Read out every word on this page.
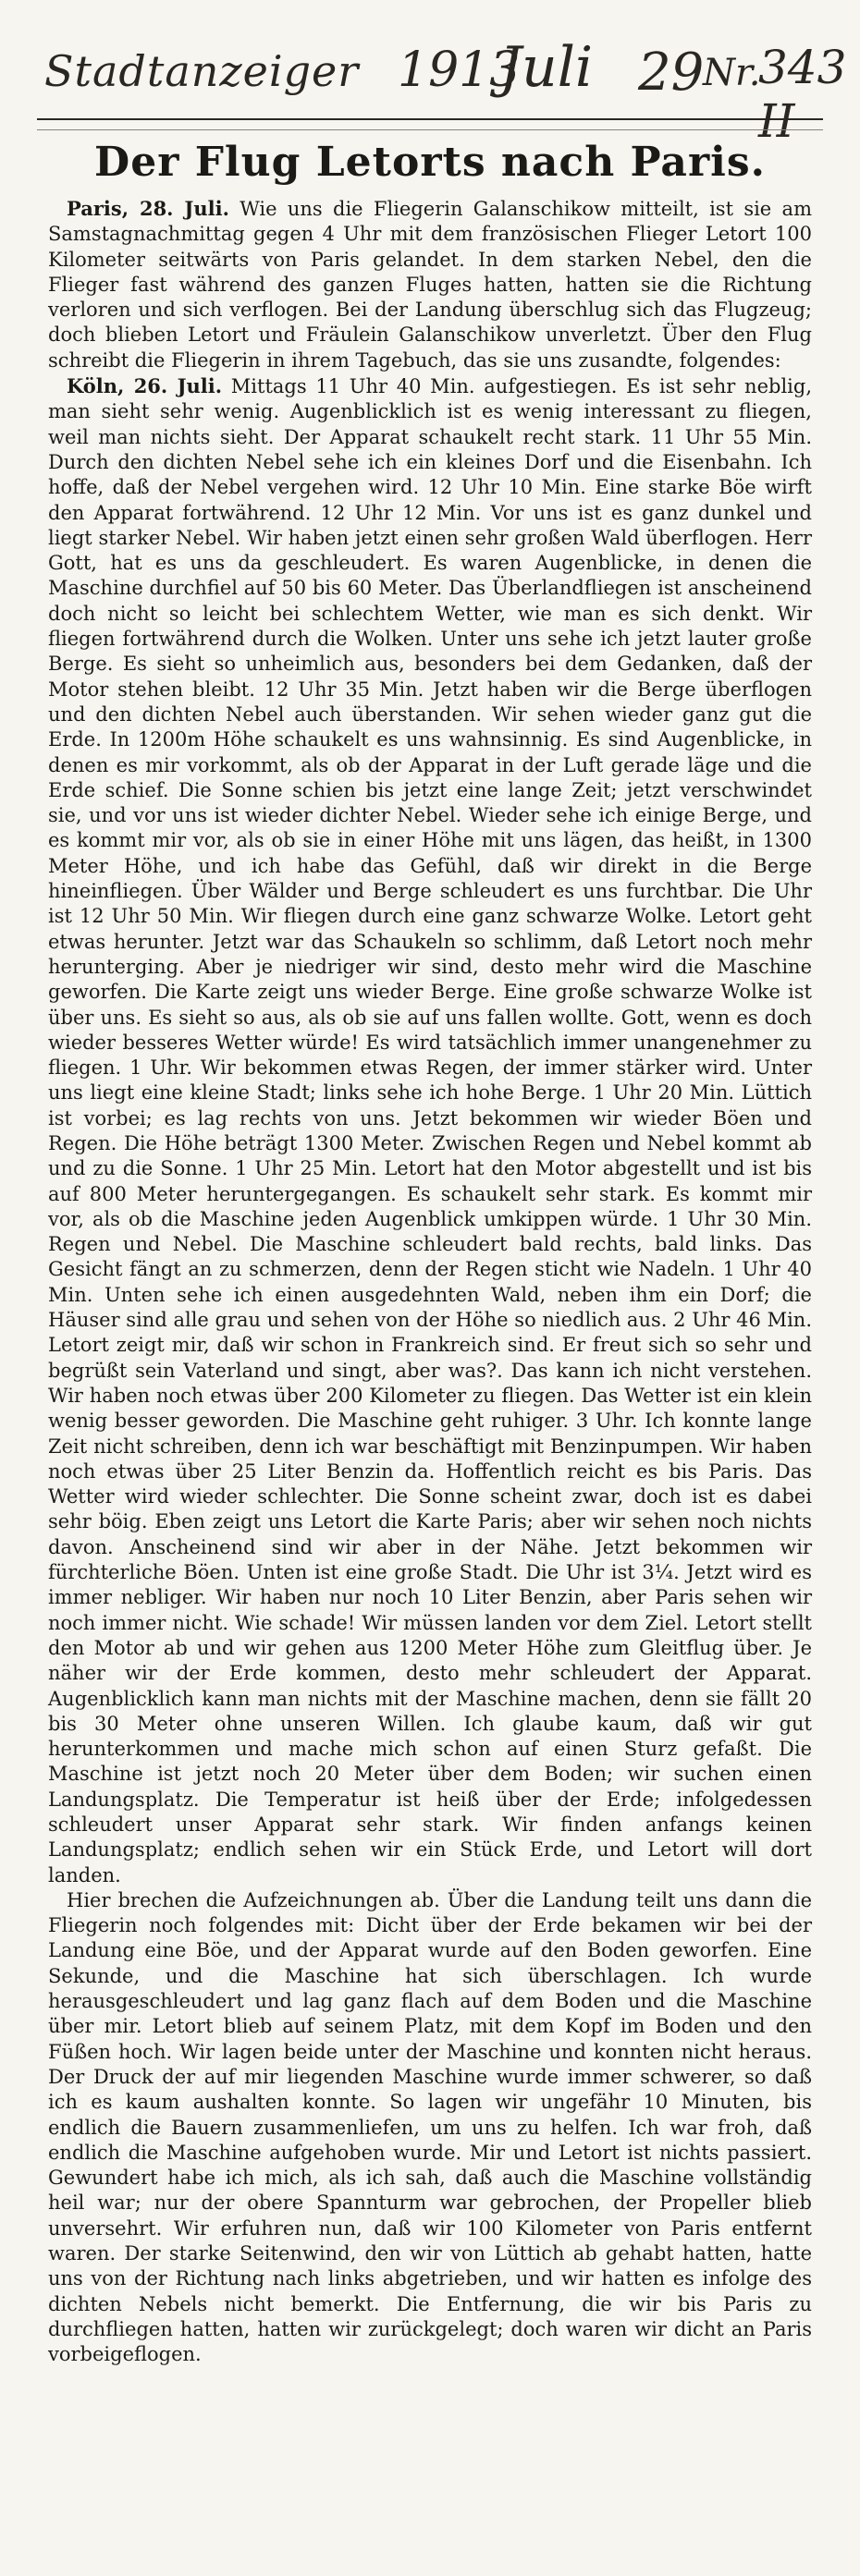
Stadtanzeiger 1913
Juli 29
Nr.
343 II
Der Flug Letorts nach Paris.

Paris, 28. Juli. Wie uns die Fliegerin Galanschikow mitteilt, ist sie am Samstagnachmittag gegen 4 Uhr mit dem französischen Flieger Letort 100 Kilometer seitwärts von Paris gelandet. In dem starken Nebel, den die Flieger fast während des ganzen Fluges hatten, hatten sie die Richtung verloren und sich verflogen. Bei der Landung überschlug sich das Flugzeug; doch blieben Letort und Fräulein Galanschikow unverletzt. Über den Flug schreibt die Fliegerin in ihrem Tagebuch, das sie uns zusandte, folgendes:

Köln, 26. Juli. Mittags 11 Uhr 40 Min. aufgestiegen. Es ist sehr neblig, man sieht sehr wenig. Augenblicklich ist es wenig interessant zu fliegen, weil man nichts sieht. Der Apparat schaukelt recht stark. 11 Uhr 55 Min. Durch den dichten Nebel sehe ich ein kleines Dorf und die Eisenbahn. Ich hoffe, daß der Nebel vergehen wird. 12 Uhr 10 Min. Eine starke Böe wirft den Apparat fortwährend. 12 Uhr 12 Min. Vor uns ist es ganz dunkel und liegt starker Nebel. Wir haben jetzt einen sehr großen Wald überflogen. Herr Gott, hat es uns da geschleudert. Es waren Augenblicke, in denen die Maschine durchfiel auf 50 bis 60 Meter. Das Überlandfliegen ist anscheinend doch nicht so leicht bei schlechtem Wetter, wie man es sich denkt. Wir fliegen fortwährend durch die Wolken. Unter uns sehe ich jetzt lauter große Berge. Es sieht so unheimlich aus, besonders bei dem Gedanken, daß der Motor stehen bleibt. 12 Uhr 35 Min. Jetzt haben wir die Berge überflogen und den dichten Nebel auch überstanden. Wir sehen wieder ganz gut die Erde. In 1200m Höhe schaukelt es uns wahnsinnig. Es sind Augenblicke, in denen es mir vorkommt, als ob der Apparat in der Luft gerade läge und die Erde schief. Die Sonne schien bis jetzt eine lange Zeit; jetzt verschwindet sie, und vor uns ist wieder dichter Nebel. Wieder sehe ich einige Berge, und es kommt mir vor, als ob sie in einer Höhe mit uns lägen, das heißt, in 1300 Meter Höhe, und ich habe das Gefühl, daß wir direkt in die Berge hineinfliegen. Über Wälder und Berge schleudert es uns furchtbar. Die Uhr ist 12 Uhr 50 Min. Wir fliegen durch eine ganz schwarze Wolke. Letort geht etwas herunter. Jetzt war das Schaukeln so schlimm, daß Letort noch mehr herunterging. Aber je niedriger wir sind, desto mehr wird die Maschine geworfen. Die Karte zeigt uns wieder Berge. Eine große schwarze Wolke ist über uns. Es sieht so aus, als ob sie auf uns fallen wollte. Gott, wenn es doch wieder besseres Wetter würde! Es wird tatsächlich immer unangenehmer zu fliegen. 1 Uhr. Wir bekommen etwas Regen, der immer stärker wird. Unter uns liegt eine kleine Stadt; links sehe ich hohe Berge. 1 Uhr 20 Min. Lüttich ist vorbei; es lag rechts von uns. Jetzt bekommen wir wieder Böen und Regen. Die Höhe beträgt 1300 Meter. Zwischen Regen und Nebel kommt ab und zu die Sonne. 1 Uhr 25 Min. Letort hat den Motor abgestellt und ist bis auf 800 Meter heruntergegangen. Es schaukelt sehr stark. Es kommt mir vor, als ob die Maschine jeden Augenblick umkippen würde. 1 Uhr 30 Min. Regen und Nebel. Die Maschine schleudert bald rechts, bald links. Das Gesicht fängt an zu schmerzen, denn der Regen sticht wie Nadeln. 1 Uhr 40 Min. Unten sehe ich einen ausgedehnten Wald, neben ihm ein Dorf; die Häuser sind alle grau und sehen von der Höhe so niedlich aus. 2 Uhr 46 Min. Letort zeigt mir, daß wir schon in Frankreich sind. Er freut sich so sehr und begrüßt sein Vaterland und singt, aber was?. Das kann ich nicht verstehen. Wir haben noch etwas über 200 Kilometer zu fliegen. Das Wetter ist ein klein wenig besser geworden. Die Maschine geht ruhiger. 3 Uhr. Ich konnte lange Zeit nicht schreiben, denn ich war beschäftigt mit Benzinpumpen. Wir haben noch etwas über 25 Liter Benzin da. Hoffentlich reicht es bis Paris. Das Wetter wird wieder schlechter. Die Sonne scheint zwar, doch ist es dabei sehr böig. Eben zeigt uns Letort die Karte Paris; aber wir sehen noch nichts davon. Anscheinend sind wir aber in der Nähe. Jetzt bekommen wir fürchterliche Böen. Unten ist eine große Stadt. Die Uhr ist 3¼. Jetzt wird es immer nebliger. Wir haben nur noch 10 Liter Benzin, aber Paris sehen wir noch immer nicht. Wie schade! Wir müssen landen vor dem Ziel. Letort stellt den Motor ab und wir gehen aus 1200 Meter Höhe zum Gleitflug über. Je näher wir der Erde kommen, desto mehr schleudert der Apparat. Augenblicklich kann man nichts mit der Maschine machen, denn sie fällt 20 bis 30 Meter ohne unseren Willen. Ich glaube kaum, daß wir gut herunterkommen und mache mich schon auf einen Sturz gefaßt. Die Maschine ist jetzt noch 20 Meter über dem Boden; wir suchen einen Landungsplatz. Die Temperatur ist heiß über der Erde; infolgedessen schleudert unser Apparat sehr stark. Wir finden anfangs keinen Landungsplatz; endlich sehen wir ein Stück Erde, und Letort will dort landen.

Hier brechen die Aufzeichnungen ab. Über die Landung teilt uns dann die Fliegerin noch folgendes mit: Dicht über der Erde bekamen wir bei der Landung eine Böe, und der Apparat wurde auf den Boden geworfen. Eine Sekunde, und die Maschine hat sich überschlagen. Ich wurde herausgeschleudert und lag ganz flach auf dem Boden und die Maschine über mir. Letort blieb auf seinem Platz, mit dem Kopf im Boden und den Füßen hoch. Wir lagen beide unter der Maschine und konnten nicht heraus. Der Druck der auf mir liegenden Maschine wurde immer schwerer, so daß ich es kaum aushalten konnte. So lagen wir ungefähr 10 Minuten, bis endlich die Bauern zusammenliefen, um uns zu helfen. Ich war froh, daß endlich die Maschine aufgehoben wurde. Mir und Letort ist nichts passiert. Gewundert habe ich mich, als ich sah, daß auch die Maschine vollständig heil war; nur der obere Spannturm war gebrochen, der Propeller blieb unversehrt. Wir erfuhren nun, daß wir 100 Kilometer von Paris entfernt waren. Der starke Seitenwind, den wir von Lüttich ab gehabt hatten, hatte uns von der Richtung nach links abgetrieben, und wir hatten es infolge des dichten Nebels nicht bemerkt. Die Entfernung, die wir bis Paris zu durchfliegen hatten, hatten wir zurückgelegt; doch waren wir dicht an Paris vorbeigeflogen.
